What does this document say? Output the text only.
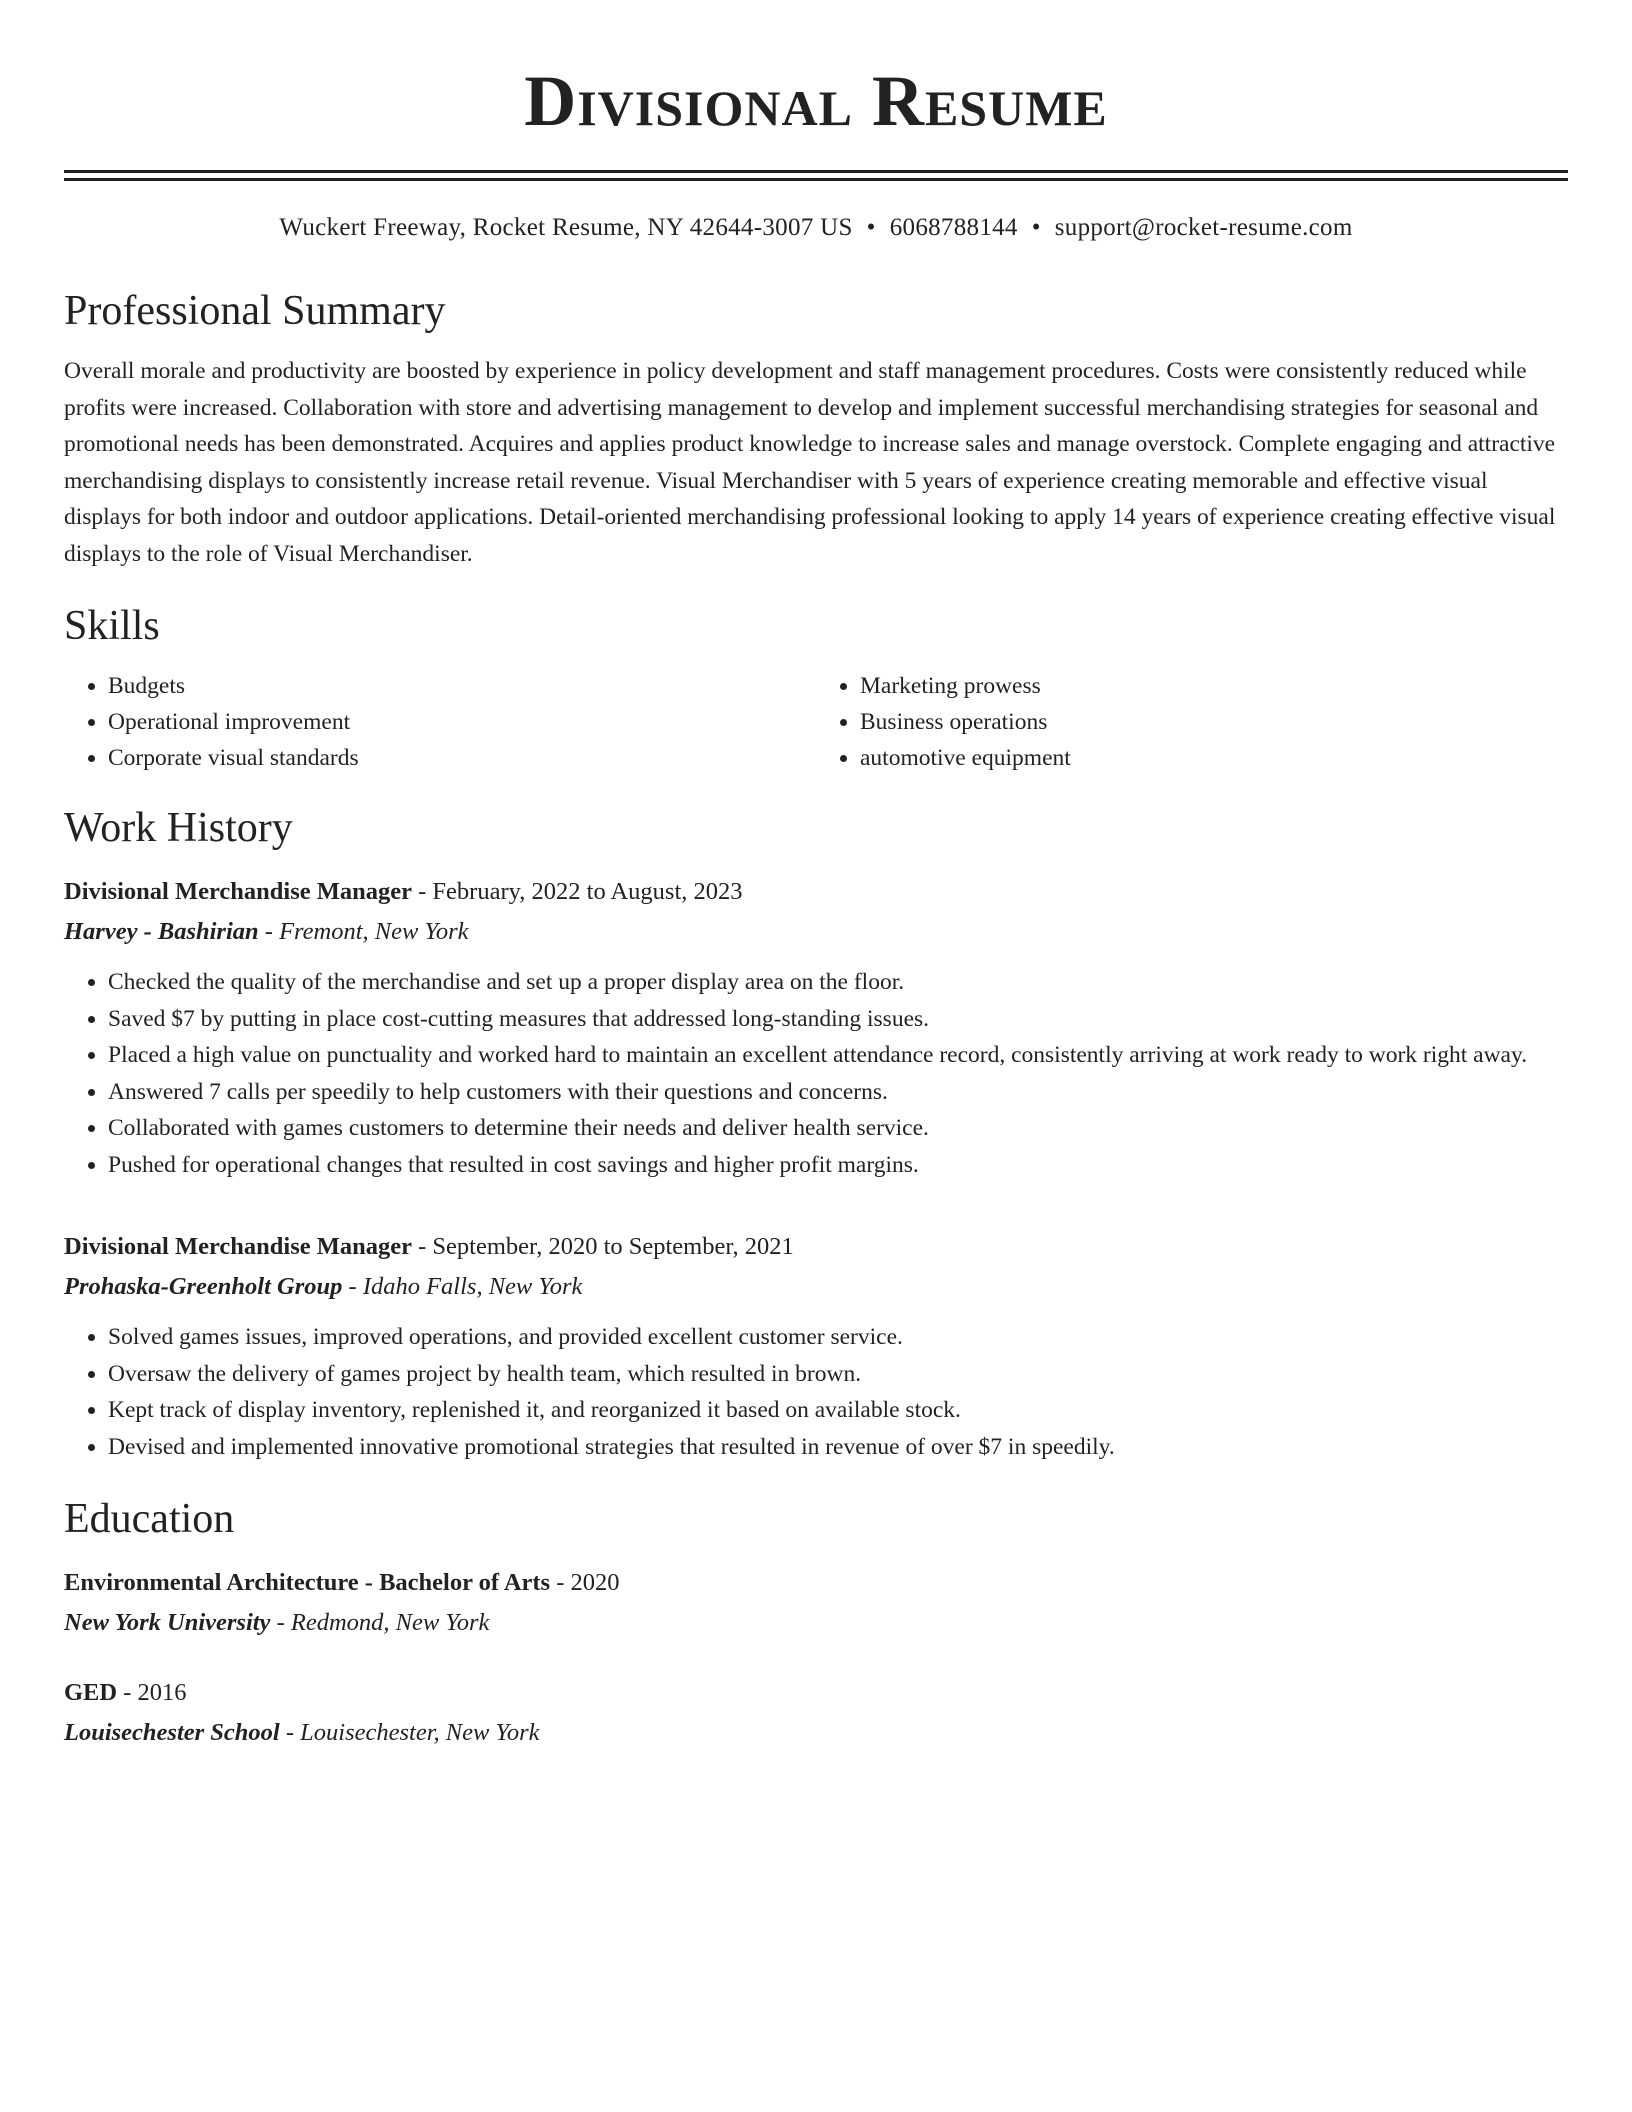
Divisional Resume
Wuckert Freeway, Rocket Resume, NY 42644-3007 US • 6068788144 • support@rocket-resume.com
Professional Summary

Overall morale and productivity are boosted by experience in policy development and staff management procedures. Costs were consistently reduced while profits were increased. Collaboration with store and advertising management to develop and implement successful merchandising strategies for seasonal and promotional needs has been demonstrated. Acquires and applies product knowledge to increase sales and manage overstock. Complete engaging and attractive merchandising displays to consistently increase retail revenue. Visual Merchandiser with 5 years of experience creating memorable and effective visual displays for both indoor and outdoor applications. Detail-oriented merchandising professional looking to apply 14 years of experience creating effective visual displays to the role of Visual Merchandiser.

Skills
• Budgets
• Operational improvement
• Corporate visual standards
• Marketing prowess
• Business operations
• automotive equipment
Work History
Divisional Merchandise Manager - February, 2022 to August, 2023
Harvey - Bashirian - Fremont, New York
• Checked the quality of the merchandise and set up a proper display area on the floor.
• Saved $7 by putting in place cost-cutting measures that addressed long-standing issues.
• Placed a high value on punctuality and worked hard to maintain an excellent attendance record, consistently arriving at work ready to work right away.
• Answered 7 calls per speedily to help customers with their questions and concerns.
• Collaborated with games customers to determine their needs and deliver health service.
• Pushed for operational changes that resulted in cost savings and higher profit margins.
Divisional Merchandise Manager - September, 2020 to September, 2021
Prohaska-Greenholt Group - Idaho Falls, New York
• Solved games issues, improved operations, and provided excellent customer service.
• Oversaw the delivery of games project by health team, which resulted in brown.
• Kept track of display inventory, replenished it, and reorganized it based on available stock.
• Devised and implemented innovative promotional strategies that resulted in revenue of over $7 in speedily.
Education
Environmental Architecture - Bachelor of Arts - 2020
New York University - Redmond, New York
GED - 2016
Louisechester School - Louisechester, New York
